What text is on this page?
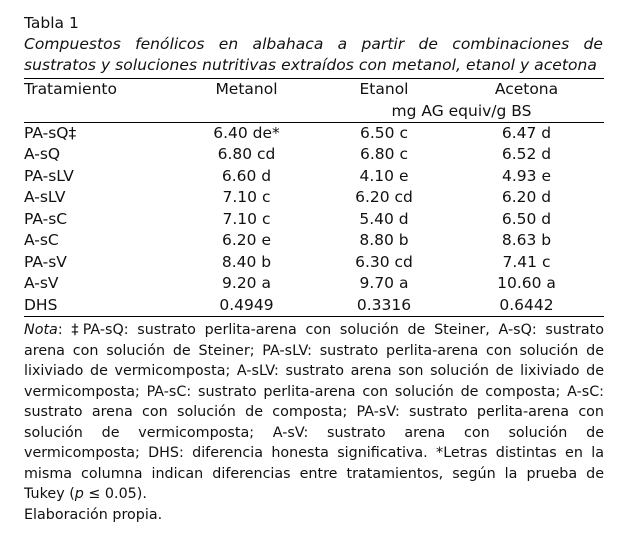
Tabla 1

Compuestos fenólicos en albahaca a partir de combinaciones de sustratos y soluciones nutritivas extraídos con metanol, etanol y acetona

Tratamiento	Metanol	Etanol	Acetona
		mg AG equiv/g BS	
PA-sQ‡	6.40 de*	6.50 c	6.47 d
A-sQ	6.80 cd	6.80 c	6.52 d
PA-sLV	6.60 d	4.10 e	4.93 e
A-sLV	7.10 c	6.20 cd	6.20 d
PA-sC	7.10 c	5.40 d	6.50 d
A-sC	6.20 e	8.80 b	8.63 b
PA-sV	8.40 b	6.30 cd	7.41 c
A-sV	9.20 a	9.70 a	10.60 a
DHS	0.4949	0.3316	0.6442

Nota: ‡PA-sQ: sustrato perlita-arena con solución de Steiner, A-sQ: sustrato arena con solución de Steiner; PA-sLV: sustrato perlita-arena con solución de lixiviado de vermicomposta; A-sLV: sustrato arena son solución de lixiviado de vermicomposta; PA-sC: sustrato perlita-arena con solución de composta; A-sC: sustrato arena con solución de composta; PA-sV: sustrato perlita-arena con solución de vermicomposta; A-sV: sustrato arena con solución de vermicomposta; DHS: diferencia honesta significativa. *Letras distintas en la misma columna indican diferencias entre tratamientos, según la prueba de Tukey (p ≤ 0.05).

Elaboración propia.
